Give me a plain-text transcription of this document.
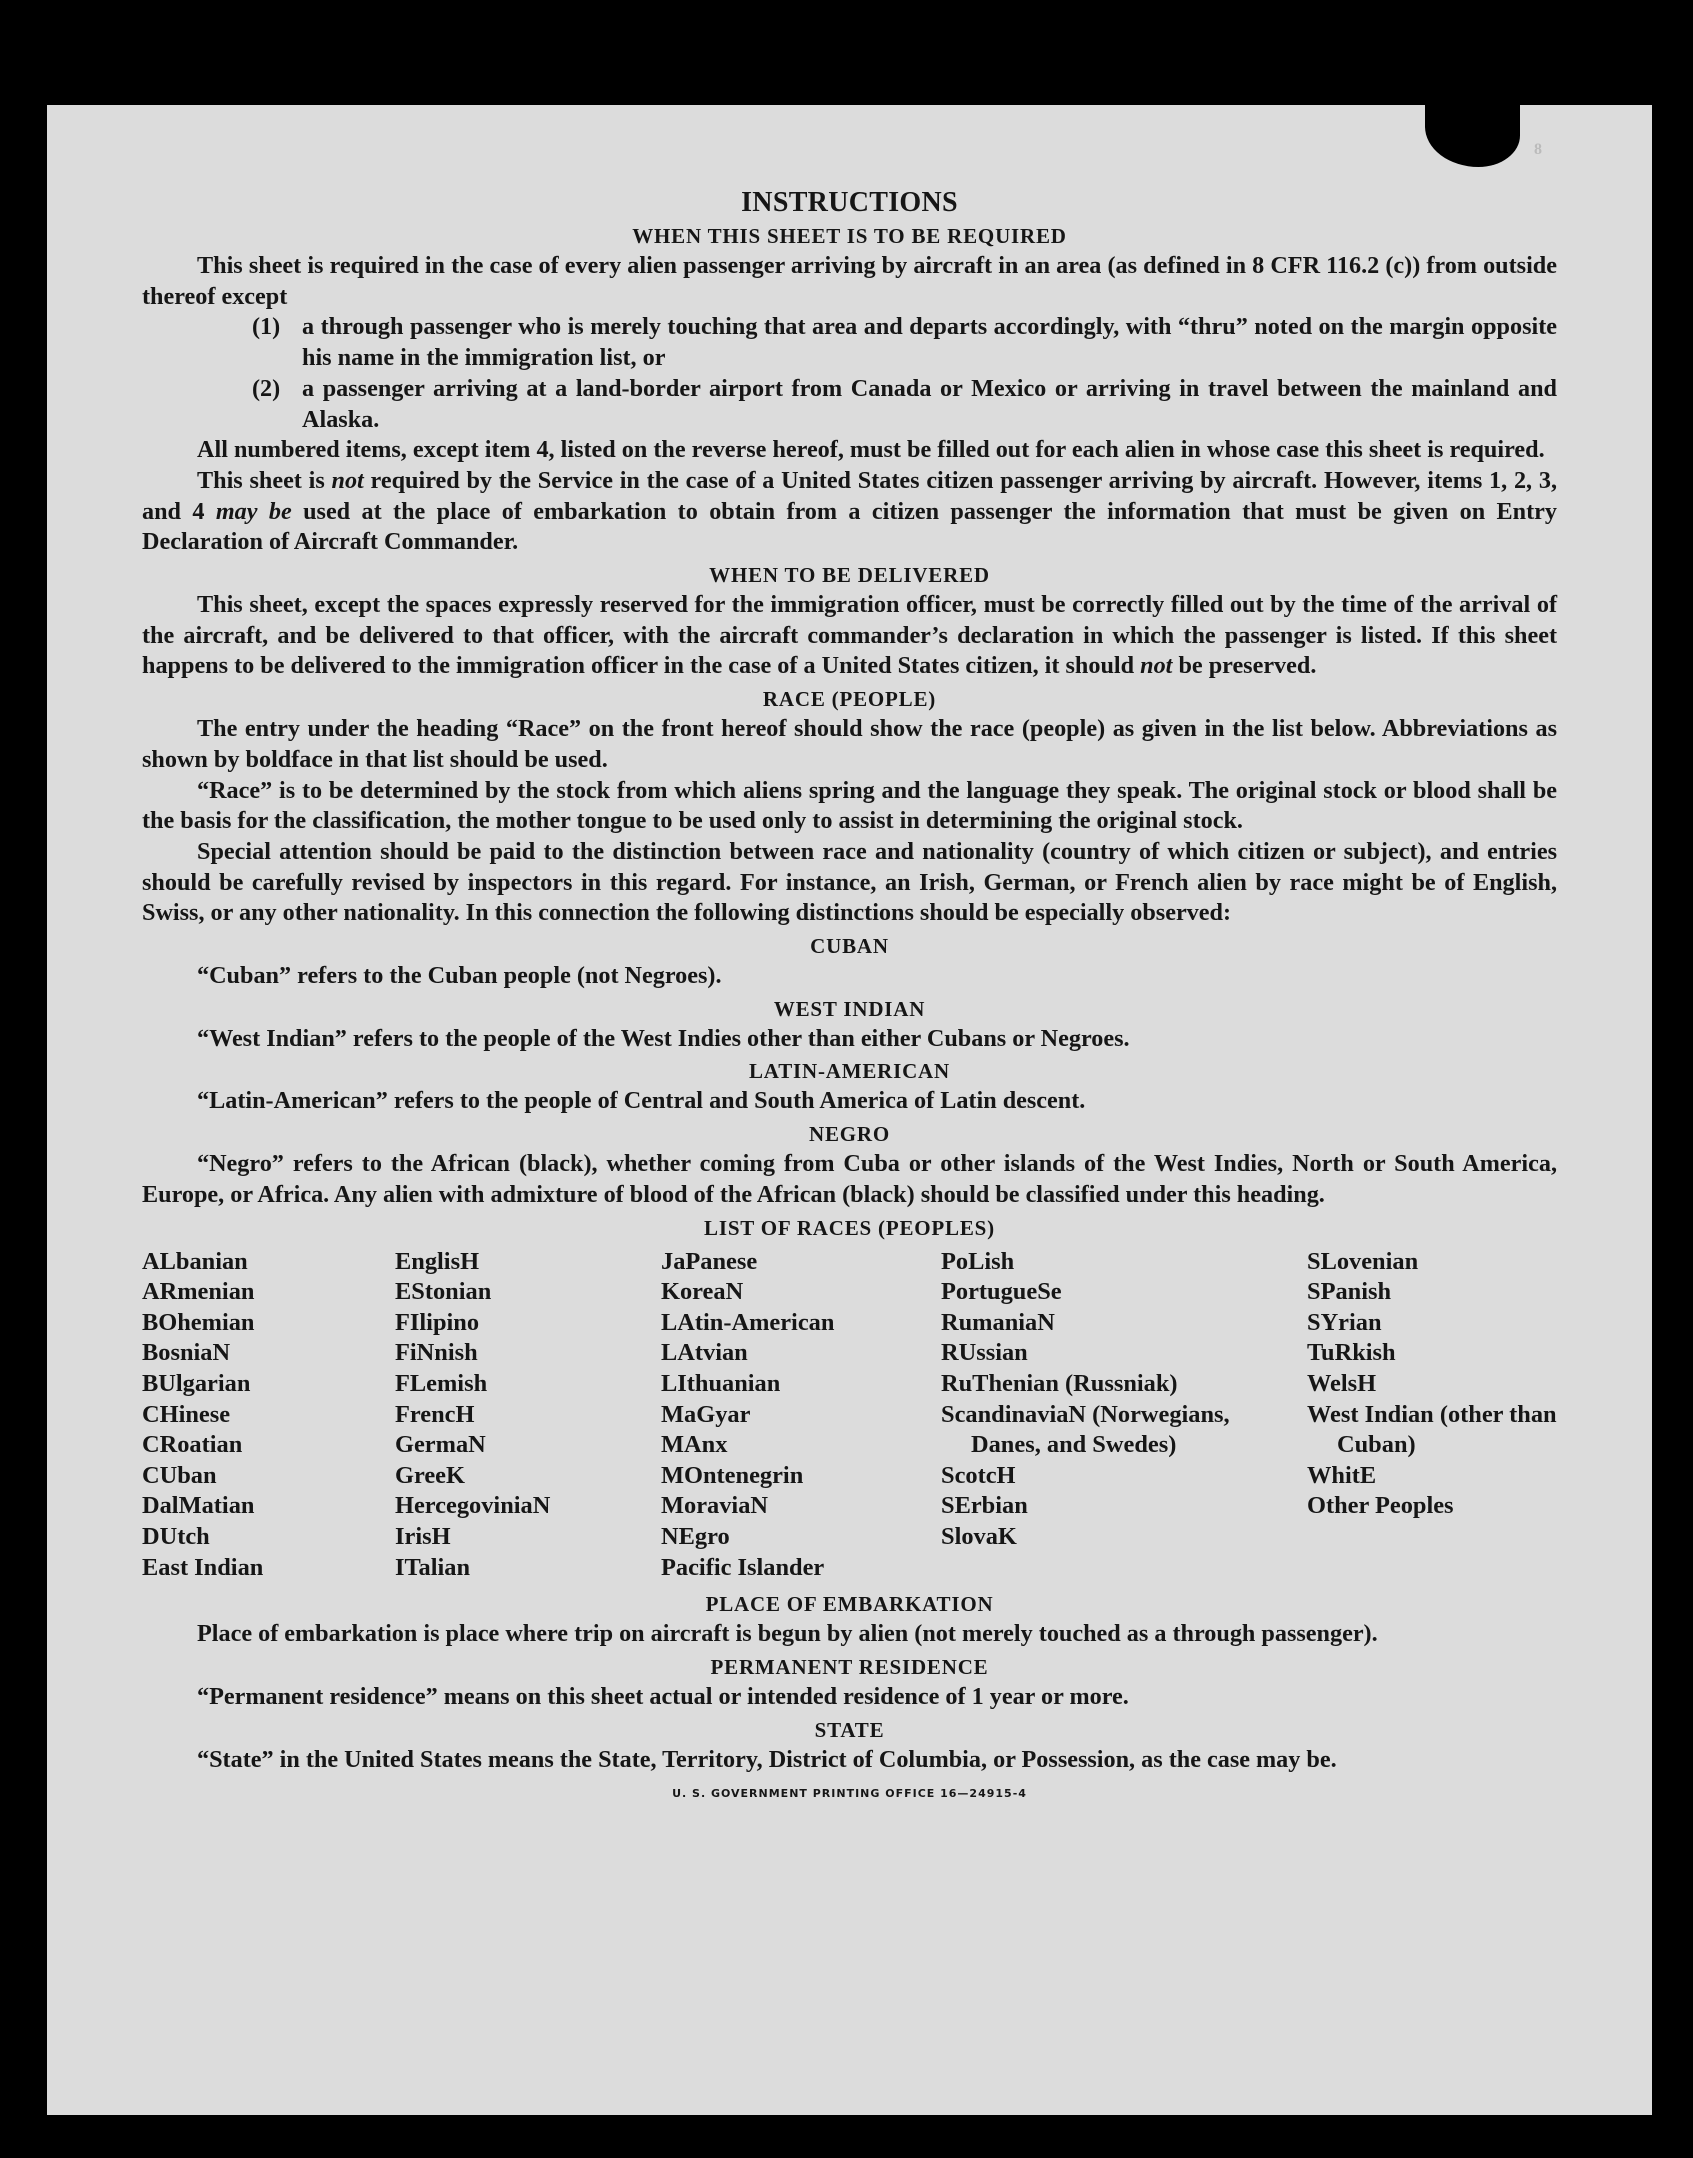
8
INSTRUCTIONS
WHEN THIS SHEET IS TO BE REQUIRED

This sheet is required in the case of every alien passenger arriving by aircraft in an area (as defined in 8 CFR 116.2 (c)) from outside thereof except

(1) a through passenger who is merely touching that area and departs accordingly, with “thru” noted on the margin opposite his name in the immigration list, or
(2) a passenger arriving at a land-border airport from Canada or Mexico or arriving in travel between the mainland and Alaska.

All numbered items, except item 4, listed on the reverse hereof, must be filled out for each alien in whose case this sheet is required.

This sheet is not required by the Service in the case of a United States citizen passenger arriving by aircraft. However, items 1, 2, 3, and 4 may be used at the place of embarkation to obtain from a citizen passenger the information that must be given on Entry Declaration of Aircraft Commander.

WHEN TO BE DELIVERED

This sheet, except the spaces expressly reserved for the immigration officer, must be correctly filled out by the time of the arrival of the aircraft, and be delivered to that officer, with the aircraft commander’s declaration in which the passenger is listed. If this sheet happens to be delivered to the immigration officer in the case of a United States citizen, it should not be preserved.

RACE (PEOPLE)

The entry under the heading “Race” on the front hereof should show the race (people) as given in the list below. Abbreviations as shown by boldface in that list should be used.

“Race” is to be determined by the stock from which aliens spring and the language they speak. The original stock or blood shall be the basis for the classification, the mother tongue to be used only to assist in determining the original stock.

Special attention should be paid to the distinction between race and nationality (country of which citizen or subject), and entries should be carefully revised by inspectors in this regard. For instance, an Irish, German, or French alien by race might be of English, Swiss, or any other nationality. In this connection the following distinctions should be especially observed:

CUBAN

“Cuban” refers to the Cuban people (not Negroes).

WEST INDIAN

“West Indian” refers to the people of the West Indies other than either Cubans or Negroes.

LATIN-AMERICAN

“Latin-American” refers to the people of Central and South America of Latin descent.

NEGRO

“Negro” refers to the African (black), whether coming from Cuba or other islands of the West Indies, North or South America, Europe, or Africa. Any alien with admixture of blood of the African (black) should be classified under this heading.

LIST OF RACES (PEOPLES)
ALbanian
ARmenian
BOhemian
BosniaN
BUlgarian
CHinese
CRoatian
CUban
DalMatian
DUtch
East Indian
EnglisH
EStonian
FIlipino
FiNnish
FLemish
FrencH
GermaN
GreeK
HercegoviniaN
IrisH
ITalian
JaPanese
KoreaN
LAtin-American
LAtvian
LIthuanian
MaGyar
MAnx
MOntenegrin
MoraviaN
NEgro
Pacific Islander
PoLish
PortugueSe
RumaniaN
RUssian
RuThenian (Russniak)
ScandinaviaN (Norwegians, Danes, and Swedes)
ScotcH
SErbian
SlovaK
SLovenian
SPanish
SYrian
TuRkish
WelsH
West Indian (other than Cuban)
WhitE
Other Peoples
PLACE OF EMBARKATION

Place of embarkation is place where trip on aircraft is begun by alien (not merely touched as a through passenger).

PERMANENT RESIDENCE

“Permanent residence” means on this sheet actual or intended residence of 1 year or more.

STATE

“State” in the United States means the State, Territory, District of Columbia, or Possession, as the case may be.

U. S. GOVERNMENT PRINTING OFFICE 16—24915-4
